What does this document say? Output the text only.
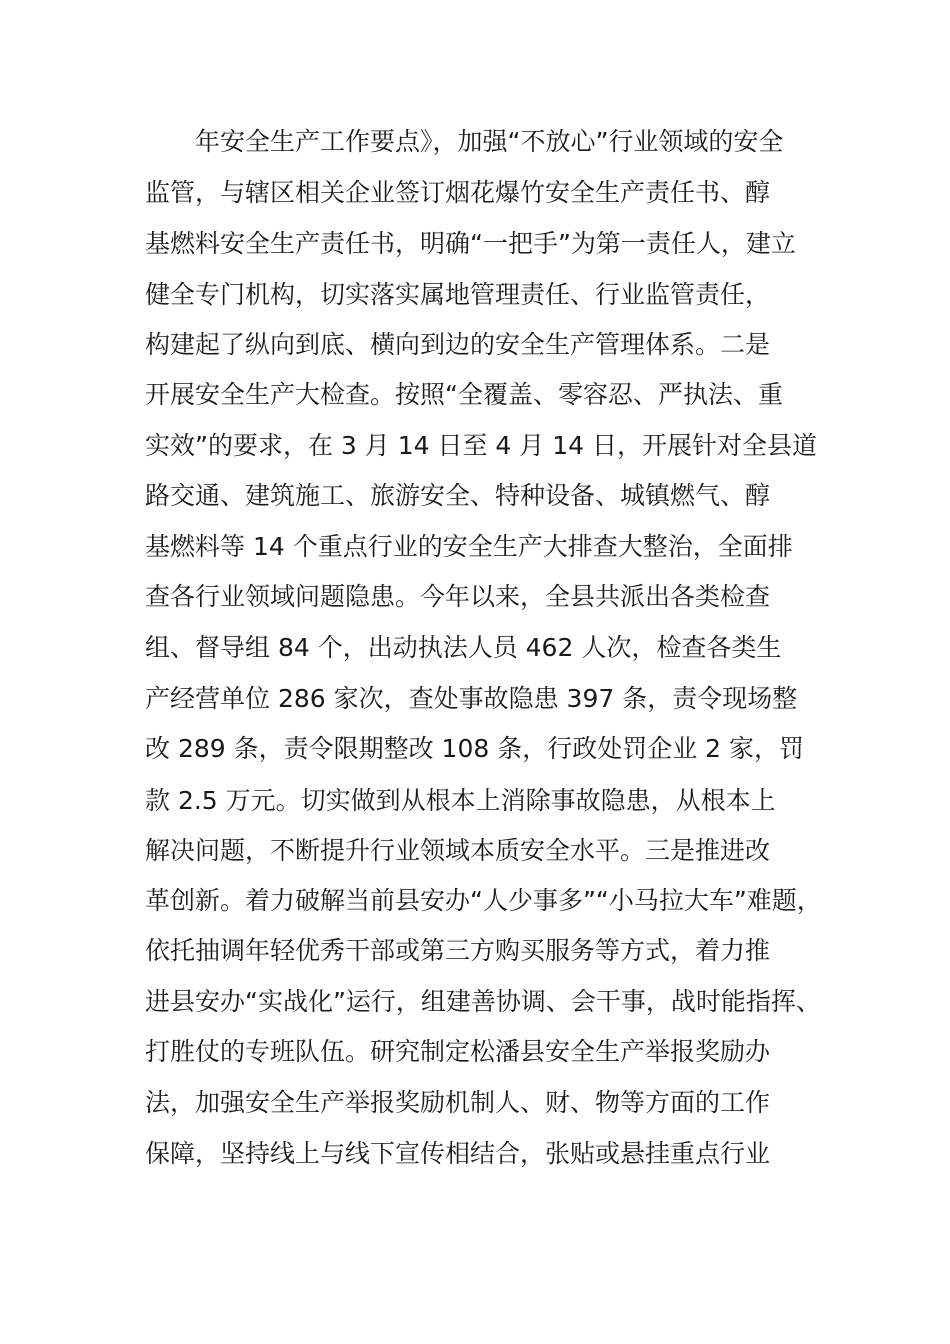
年安全生产工作要点》，加强“不放心”行业领域的安全
监管，与辖区相关企业签订烟花爆竹安全生产责任书、醇
基燃料安全生产责任书，明确“一把手”为第一责任人，建立
健全专门机构，切实落实属地管理责任、行业监管责任，
构建起了纵向到底、横向到边的安全生产管理体系。二是
开展安全生产大检查。按照“全覆盖、零容忍、严执法、重
实效”的要求，在 3 月 14 日至 4 月 14 日，开展针对全县道
路交通、建筑施工、旅游安全、特种设备、城镇燃气、醇
基燃料等 14 个重点行业的安全生产大排查大整治，全面排
查各行业领域问题隐患。今年以来，全县共派出各类检查
组、督导组 84 个，出动执法人员 462 人次，检查各类生
产经营单位 286 家次，查处事故隐患 397 条，责令现场整
改 289 条，责令限期整改 108 条，行政处罚企业 2 家，罚
款 2.5 万元。切实做到从根本上消除事故隐患，从根本上
解决问题，不断提升行业领域本质安全水平。三是推进改
革创新。着力破解当前县安办“人少事多”“小马拉大车”难题，
依托抽调年轻优秀干部或第三方购买服务等方式，着力推
进县安办“实战化”运行，组建善协调、会干事，战时能指挥、
打胜仗的专班队伍。研究制定松潘县安全生产举报奖励办
法，加强安全生产举报奖励机制人、财、物等方面的工作
保障，坚持线上与线下宣传相结合，张贴或悬挂重点行业
